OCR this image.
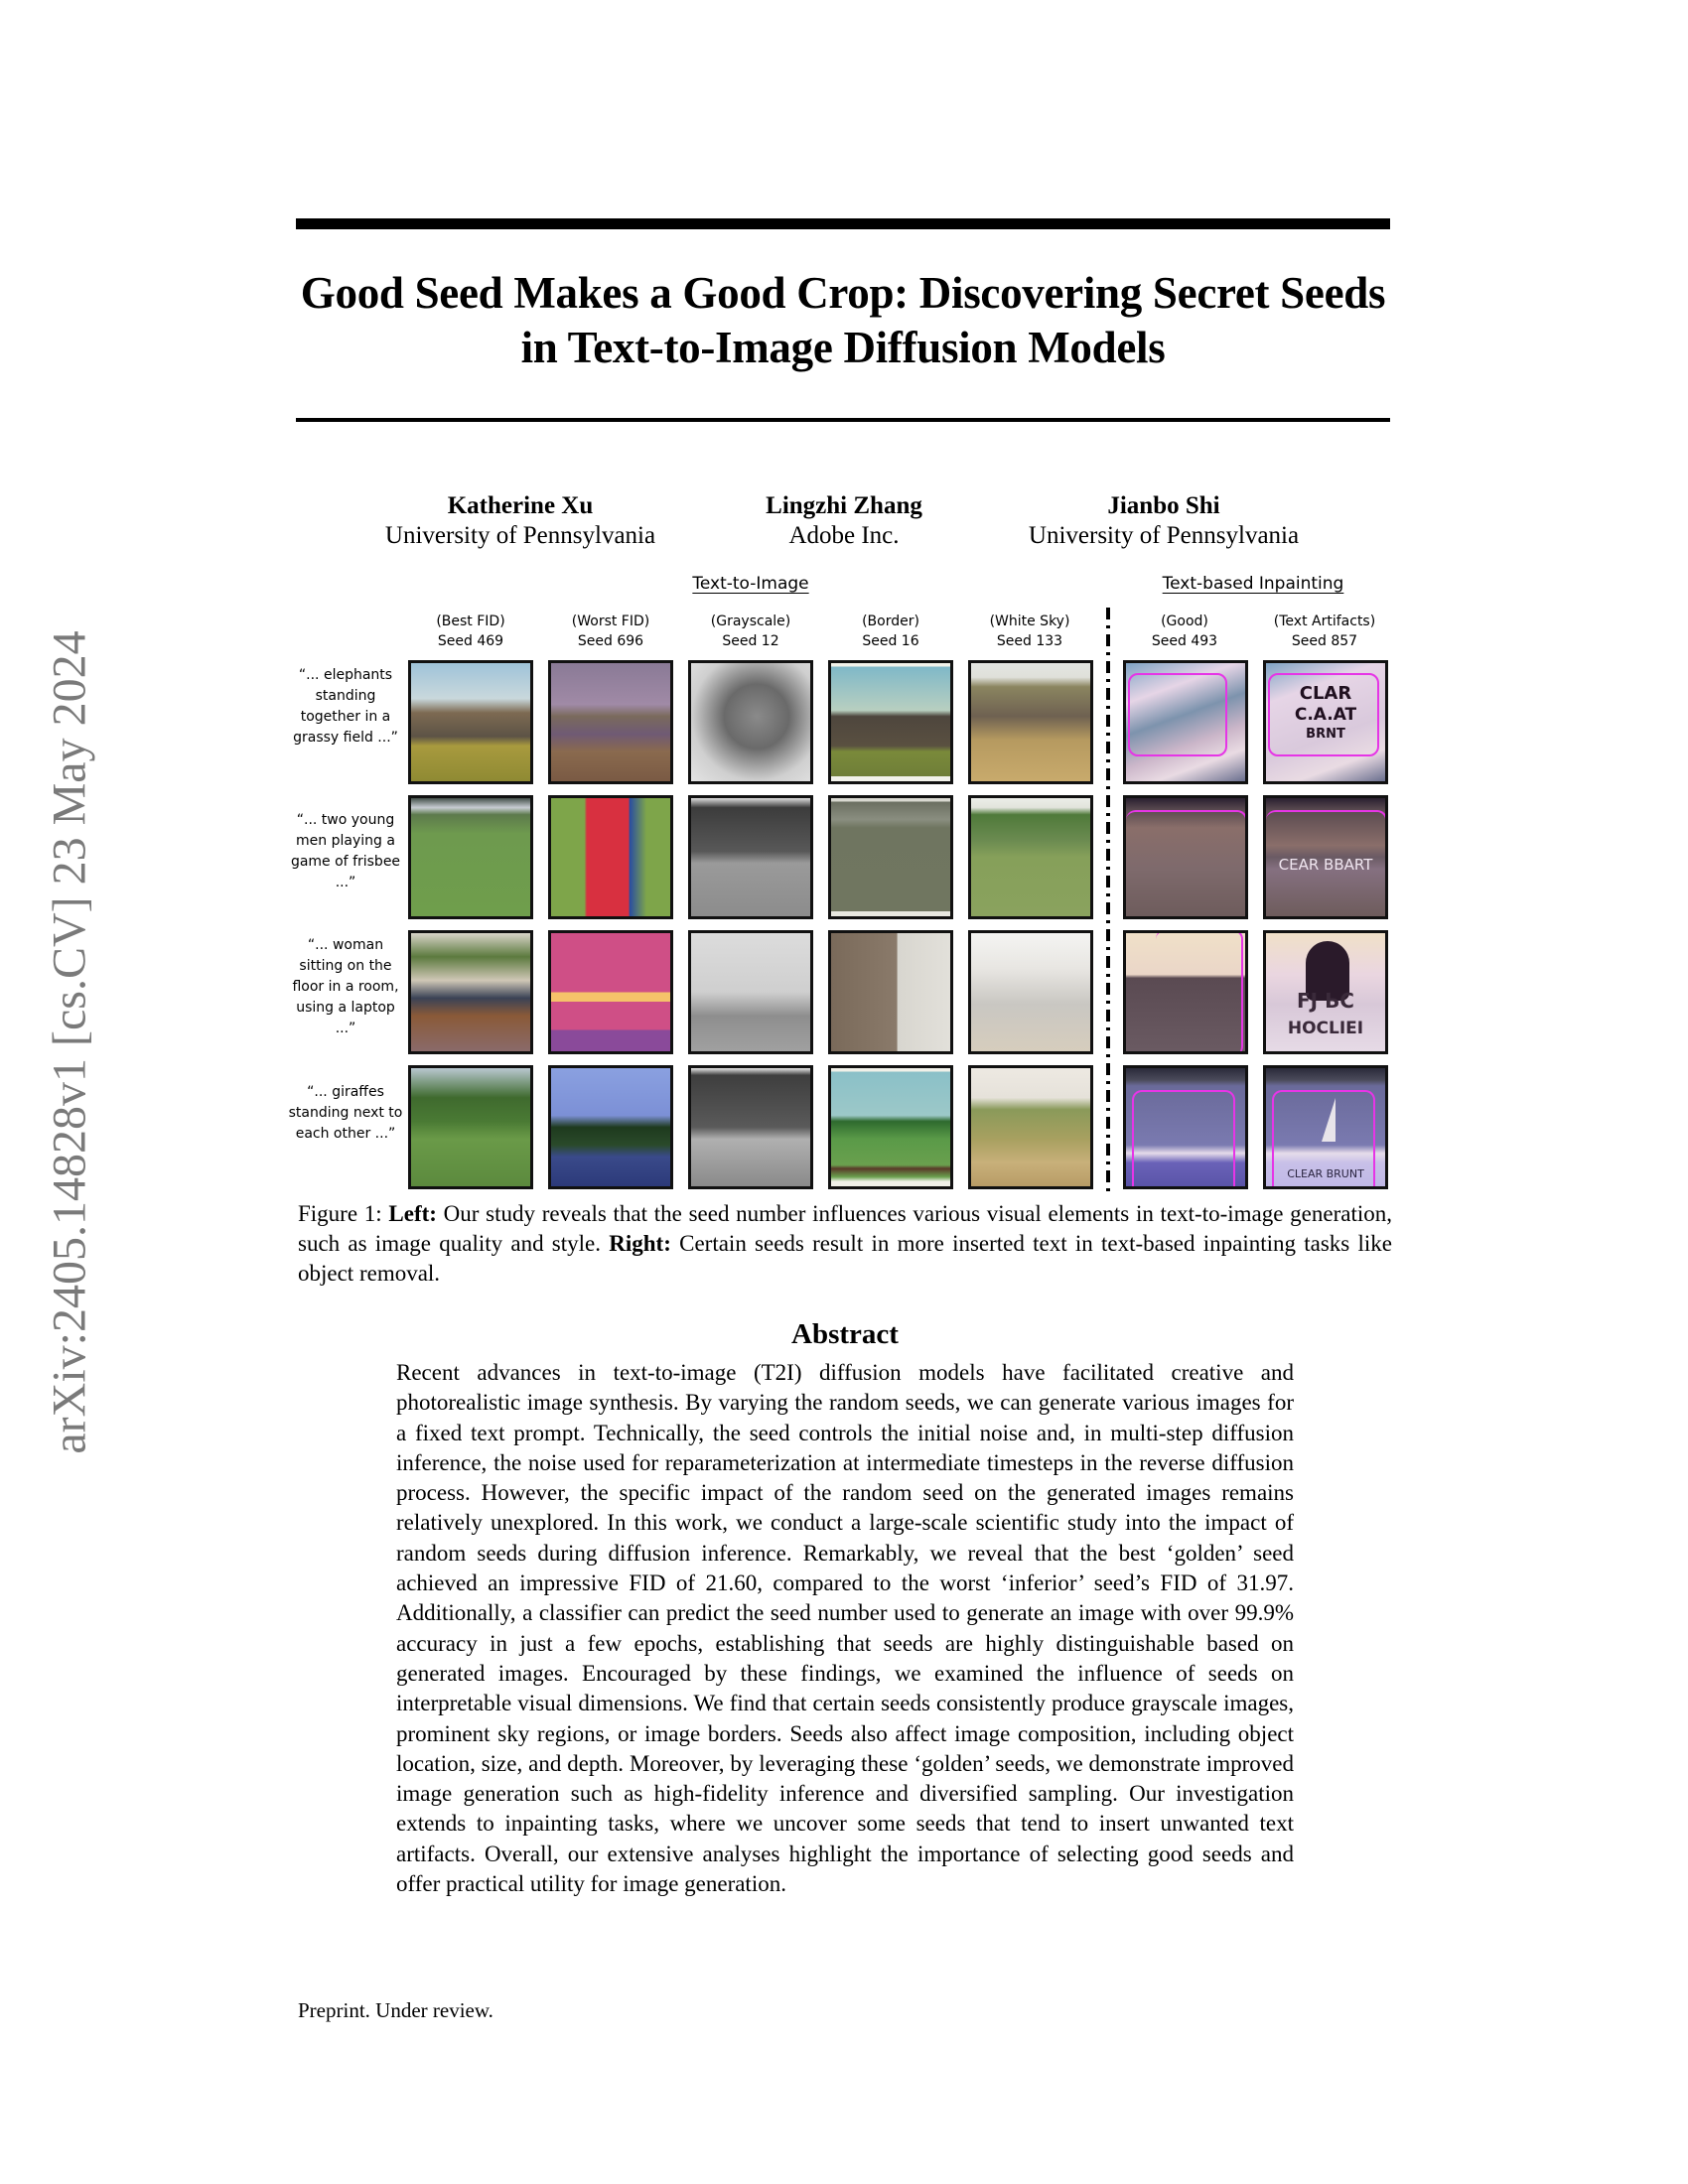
arXiv:2405.14828v1 [cs.CV] 23 May 2024
Good Seed Makes a Good Crop: Discovering Secret Seeds in Text-to-Image Diffusion Models
Katherine Xu
University of Pennsylvania
Lingzhi Zhang
Adobe Inc.
Jianbo Shi
University of Pennsylvania
Text-to-Image	Text-based Inpainting
(Best FID)
Seed 469
(Worst FID)
Seed 696
(Grayscale)
Seed 12
(Border)
Seed 16
(White Sky)
Seed 133
(Good)
Seed 493
(Text Artifacts)
Seed 857
“... elephants standing together in a grassy field ...”
“... two young men playing a game of frisbee ...”
“... woman sitting on the floor in a room, using a laptop ...”
“... giraffes standing next to each other ...”
CLAR
C.A.AT
BRNT
CEAR BBART
FJ ЬC
HOCLIEI
CLEAR BRUNT
Figure 1: Left: Our study reveals that the seed number influences various visual elements in text-to-image generation, such as image quality and style. Right: Certain seeds result in more inserted text in text-based inpainting tasks like object removal.
Abstract
Recent advances in text-to-image (T2I) diffusion models have facilitated creative and photorealistic image synthesis. By varying the random seeds, we can generate various images for a fixed text prompt. Technically, the seed controls the initial noise and, in multi-step diffusion inference, the noise used for reparameterization at intermediate timesteps in the reverse diffusion process. However, the specific impact of the random seed on the generated images remains relatively unexplored. In this work, we conduct a large-scale scientific study into the impact of random seeds during diffusion inference. Remarkably, we reveal that the best ‘golden’ seed achieved an impressive FID of 21.60, compared to the worst ‘inferior’ seed’s FID of 31.97. Additionally, a classifier can predict the seed number used to generate an image with over 99.9% accuracy in just a few epochs, establishing that seeds are highly distinguishable based on generated images. Encouraged by these findings, we examined the influence of seeds on interpretable visual dimensions. We find that certain seeds consistently produce grayscale images, prominent sky regions, or image borders. Seeds also affect image composition, including object location, size, and depth. Moreover, by leveraging these ‘golden’ seeds, we demonstrate improved image generation such as high-fidelity inference and diversified sampling. Our investigation extends to inpainting tasks, where we uncover some seeds that tend to insert unwanted text artifacts. Overall, our extensive analyses highlight the importance of selecting good seeds and offer practical utility for image generation.
Preprint. Under review.
